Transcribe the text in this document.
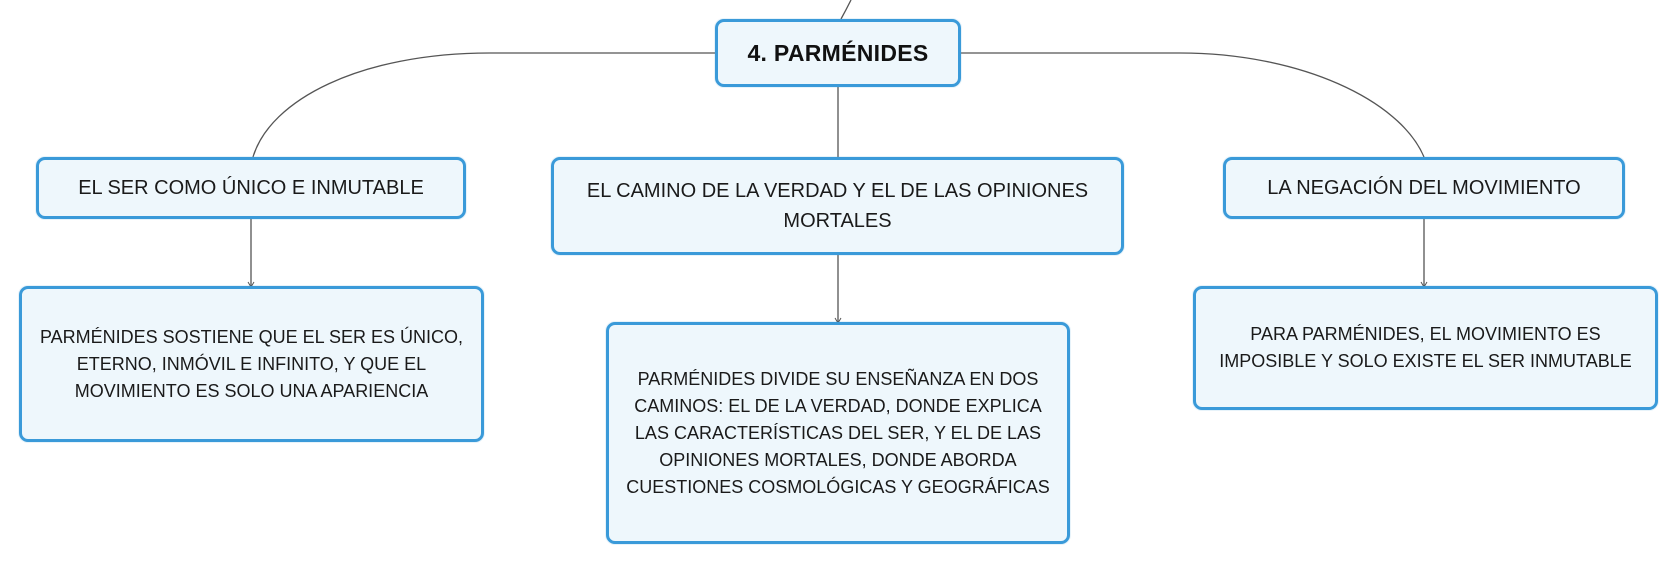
4. PARMÉNIDES
EL SER COMO ÚNICO E INMUTABLE	EL CAMINO DE LA VERDAD Y EL DE LAS OPINIONES MORTALES
LA NEGACIÓN DEL MOVIMIENTO
PARMÉNIDES SOSTIENE QUE EL SER ES ÚNICO, ETERNO, INMÓVIL E INFINITO, Y QUE EL MOVIMIENTO ES SOLO UNA APARIENCIA
PARMÉNIDES DIVIDE SU ENSEÑANZA EN DOS CAMINOS: EL DE LA VERDAD, DONDE EXPLICA LAS CARACTERÍSTICAS DEL SER, Y EL DE LAS OPINIONES MORTALES, DONDE ABORDA CUESTIONES COSMOLÓGICAS Y GEOGRÁFICAS
PARA PARMÉNIDES, EL MOVIMIENTO ES IMPOSIBLE Y SOLO EXISTE EL SER INMUTABLE
